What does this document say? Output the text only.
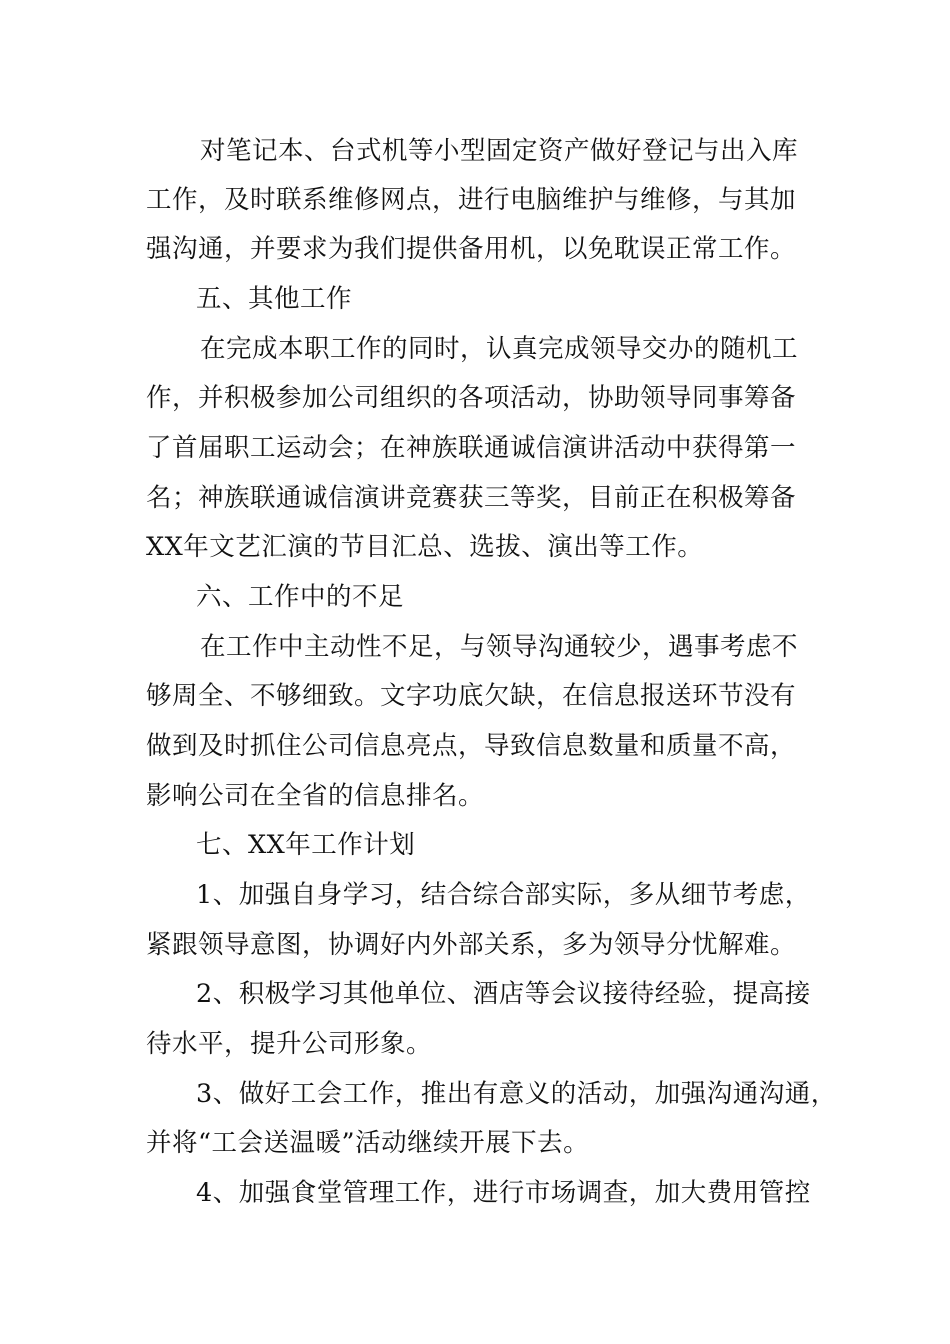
对笔记本、台式机等小型固定资产做好登记与出入库
工作，及时联系维修网点，进行电脑维护与维修，与其加
强沟通，并要求为我们提供备用机，以免耽误正常工作。
五、其他工作
在完成本职工作的同时，认真完成领导交办的随机工
作，并积极参加公司组织的各项活动，协助领导同事筹备
了首届职工运动会；在神族联通诚信演讲活动中获得第一
名；神族联通诚信演讲竞赛获三等奖，目前正在积极筹备
XX年文艺汇演的节目汇总、选拔、演出等工作。
六、工作中的不足
在工作中主动性不足，与领导沟通较少，遇事考虑不
够周全、不够细致。文字功底欠缺，在信息报送环节没有
做到及时抓住公司信息亮点，导致信息数量和质量不高，
影响公司在全省的信息排名。
七、XX年工作计划
1、加强自身学习，结合综合部实际，多从细节考虑，
紧跟领导意图，协调好内外部关系，多为领导分忧解难。
2、积极学习其他单位、酒店等会议接待经验，提高接
待水平，提升公司形象。
3、做好工会工作，推出有意义的活动，加强沟通沟通，
并将“工会送温暖”活动继续开展下去。
4、加强食堂管理工作，进行市场调查，加大费用管控
